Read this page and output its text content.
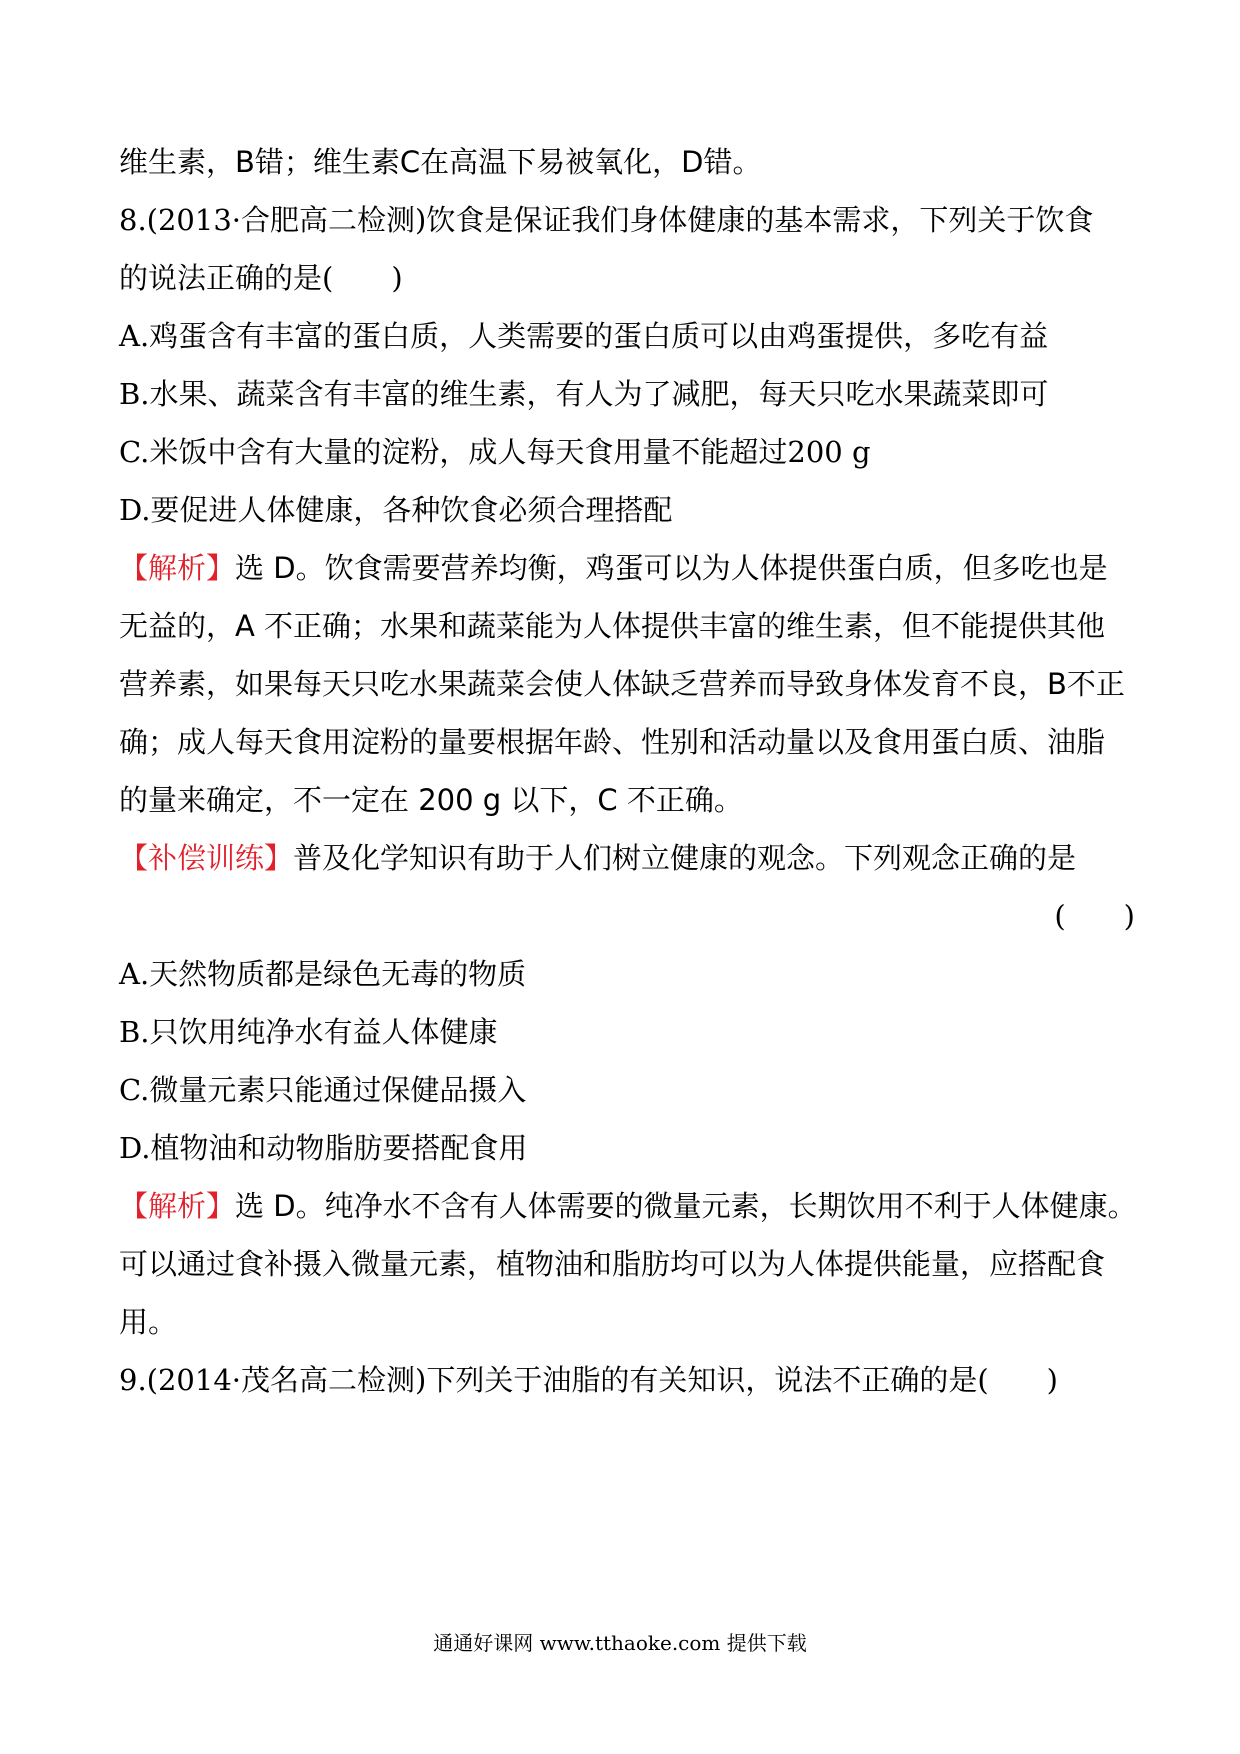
维生素，B错；维生素C在高温下易被氧化，D错。
8.(2013·合肥高二检测)饮食是保证我们身体健康的基本需求，下列关于饮食
的说法正确的是(　　)
A.鸡蛋含有丰富的蛋白质，人类需要的蛋白质可以由鸡蛋提供，多吃有益
B.水果、蔬菜含有丰富的维生素，有人为了减肥，每天只吃水果蔬菜即可
C.米饭中含有大量的淀粉，成人每天食用量不能超过200 g
D.要促进人体健康，各种饮食必须合理搭配
【解析】选 D。饮食需要营养均衡，鸡蛋可以为人体提供蛋白质，但多吃也是
无益的，A 不正确；水果和蔬菜能为人体提供丰富的维生素，但不能提供其他
营养素，如果每天只吃水果蔬菜会使人体缺乏营养而导致身体发育不良，B不正
确；成人每天食用淀粉的量要根据年龄、性别和活动量以及食用蛋白质、油脂
的量来确定，不一定在 200 g 以下，C 不正确。
【补偿训练】普及化学知识有助于人们树立健康的观念。下列观念正确的是
(　　)
A.天然物质都是绿色无毒的物质
B.只饮用纯净水有益人体健康
C.微量元素只能通过保健品摄入
D.植物油和动物脂肪要搭配食用
【解析】选 D。纯净水不含有人体需要的微量元素，长期饮用不利于人体健康。
可以通过食补摄入微量元素，植物油和脂肪均可以为人体提供能量，应搭配食
用。
9.(2014·茂名高二检测)下列关于油脂的有关知识，说法不正确的是(　　)
通通好课网 www.tthaoke.com 提供下载
